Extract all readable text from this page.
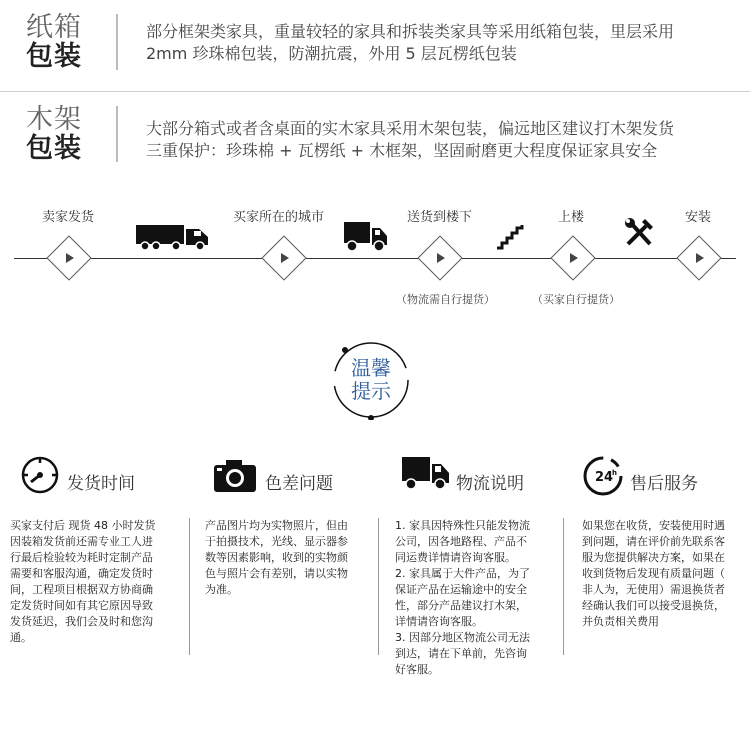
纸箱
包装
部分框架类家具，重量较轻的家具和拆装类家具等采用纸箱包装，里层采用
2mm 珍珠棉包装，防潮抗震，外用 5 层瓦楞纸包装
木架
包装
大部分箱式或者含桌面的实木家具采用木架包装，偏远地区建议打木架发货
三重保护：珍珠棉 + 瓦楞纸 + 木框架，坚固耐磨更大程度保证家具安全
卖家发货	买家所在的城市	送货到楼下	上楼	安装
（物流需自行提货）	（买家自行提货）
温馨
提示
发货时间
买家支付后 现货 48 小时发货
因装箱发货前还需专业工人进
行最后检验较为耗时定制产品
需要和客服沟通，确定发货时
间，工程项目根据双方协商确
定发货时间如有其它原因导致
发货延迟，我们会及时和您沟
通。
色差问题
产品图片均为实物照片，但由
于拍摄技术，光线、显示器参
数等因素影响，收到的实物颜
色与照片会有差别，请以实物
为准。
物流说明
1. 家具因特殊性只能发物流
公司，因各地路程、产品不
同运费详情请咨询客服。
2. 家具属于大件产品，为了
保证产品在运输途中的安全
性，部分产品建议打木架，
详情请咨询客服。
3. 因部分地区物流公司无法
到达，请在下单前，先咨询
好客服。
24
h
售后服务
如果您在收货，安装使用时遇
到问题，请在评价前先联系客
服为您提供解决方案，如果在
收到货物后发现有质量问题（
非人为，无使用）需退换货者
经确认我们可以接受退换货，
并负责相关费用
